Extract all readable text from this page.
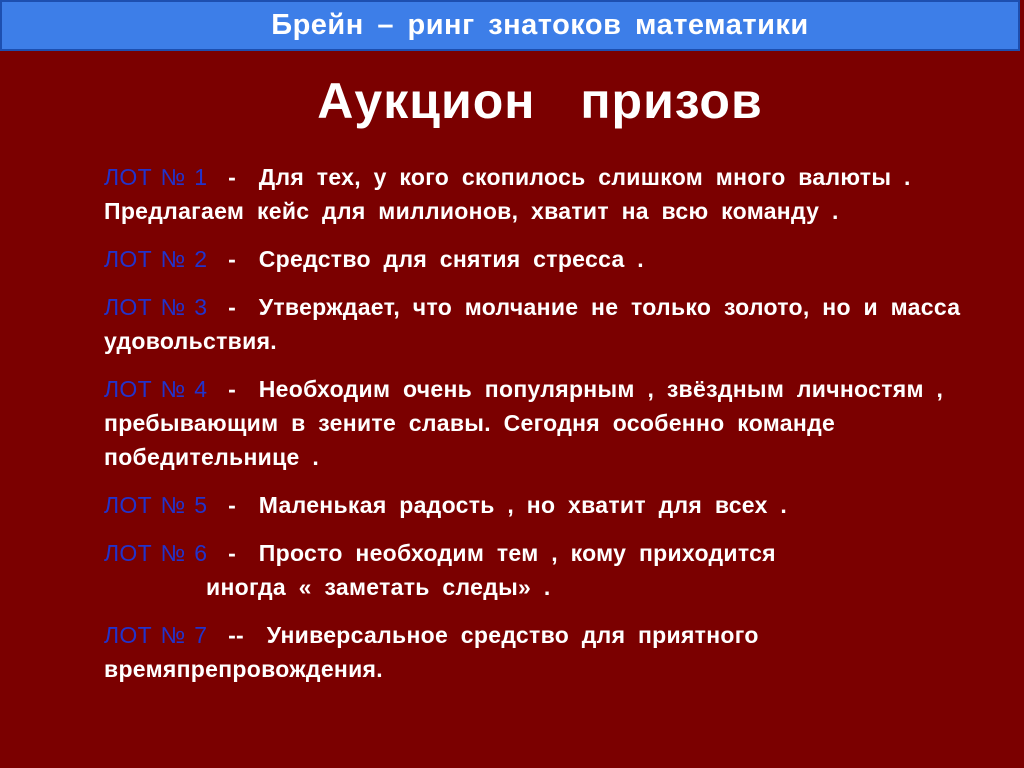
Брейн – ринг знатоков математики
Аукцион призов
ЛОТ № 1 - Для тех, у кого скопилось слишком много валюты . Предлагаем кейс для миллионов, хватит на всю команду .
ЛОТ № 2 - Средство для снятия стресса .
ЛОТ № 3 - Утверждает, что молчание не только золото, но и масса удовольствия.
ЛОТ № 4 - Необходим очень популярным , звёздным личностям , пребывающим в зените славы. Сегодня особенно команде победительнице .
ЛОТ № 5 - Маленькая радость , но хватит для всех .
ЛОТ № 6 - Просто необходим тем , кому приходится
иногда « заметать следы» .
ЛОТ № 7 -- Универсальное средство для приятного времяпрепровождения.
